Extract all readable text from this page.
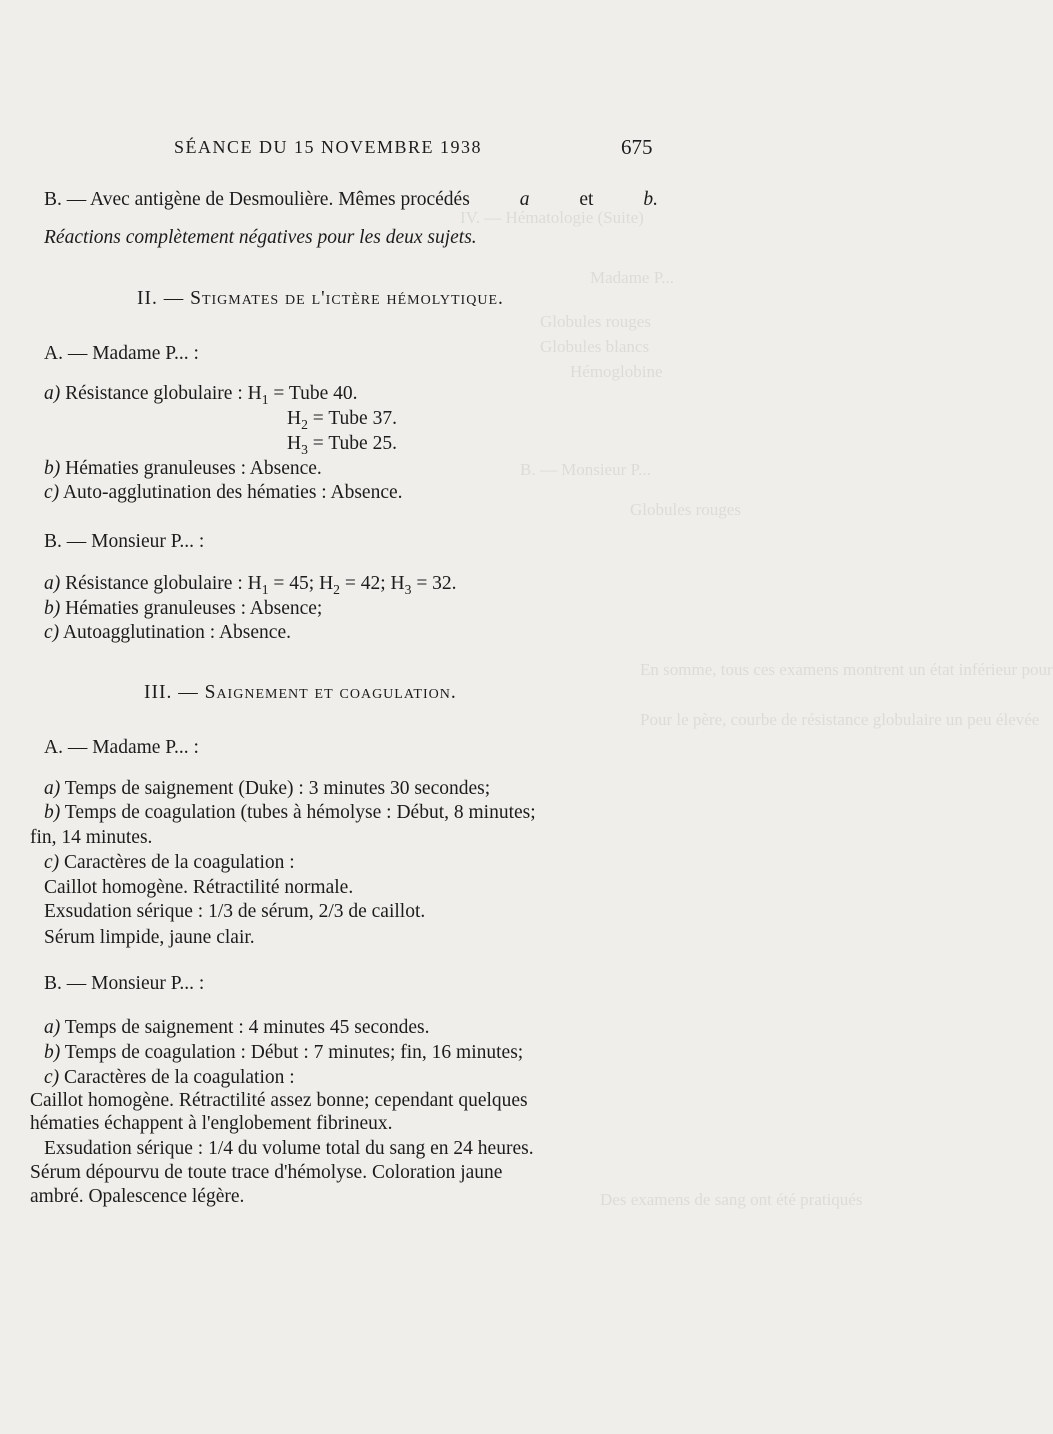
IV. — Hématologie (Suite)
Madame P...
Globules rouges
Globules blancs
Hémoglobine
B. — Monsieur P...
Globules rouges
En somme, tous ces examens montrent un état inférieur pour
Pour le père, courbe de résistance globulaire un peu élevée
Des examens de sang ont été pratiqués
SÉANCE DU 15 NOVEMBRE 1938	675
B. — Avec antigène de Desmoulière. Mêmes procédés	a	et	b.
Réactions complètement négatives pour les deux sujets.
II. — Stigmates de l'ictère hémolytique.
A. — Madame P... :
a) Résistance globulaire : $H_1$ = Tube 40.
$H_2$ = Tube 37.
$H_3$ = Tube 25.
b) Hématies granuleuses : Absence.
c) Auto-agglutination des hématies : Absence.
B. — Monsieur P... :
a) Résistance globulaire : $H_1 = 45$; $H_2 = 42$; $H_3 = 32$.
b) Hématies granuleuses : Absence;
c) Autoagglutination : Absence.
III. — Saignement et coagulation.
A. — Madame P... :
a) Temps de saignement (Duke) : 3 minutes 30 secondes;
b) Temps de coagulation (tubes à hémolyse : Début, 8 minutes;
fin, 14 minutes.
c) Caractères de la coagulation :
Caillot homogène. Rétractilité normale.
Exsudation sérique : 1/3 de sérum, 2/3 de caillot.
Sérum limpide, jaune clair.
B. — Monsieur P... :
a) Temps de saignement : 4 minutes 45 secondes.
b) Temps de coagulation : Début : 7 minutes; fin, 16 minutes;
c) Caractères de la coagulation :
Caillot homogène. Rétractilité assez bonne; cependant quelques
hématies échappent à l'englobement fibrineux.
Exsudation sérique : 1/4 du volume total du sang en 24 heures.
Sérum dépourvu de toute trace d'hémolyse. Coloration jaune
ambré. Opalescence légère.
